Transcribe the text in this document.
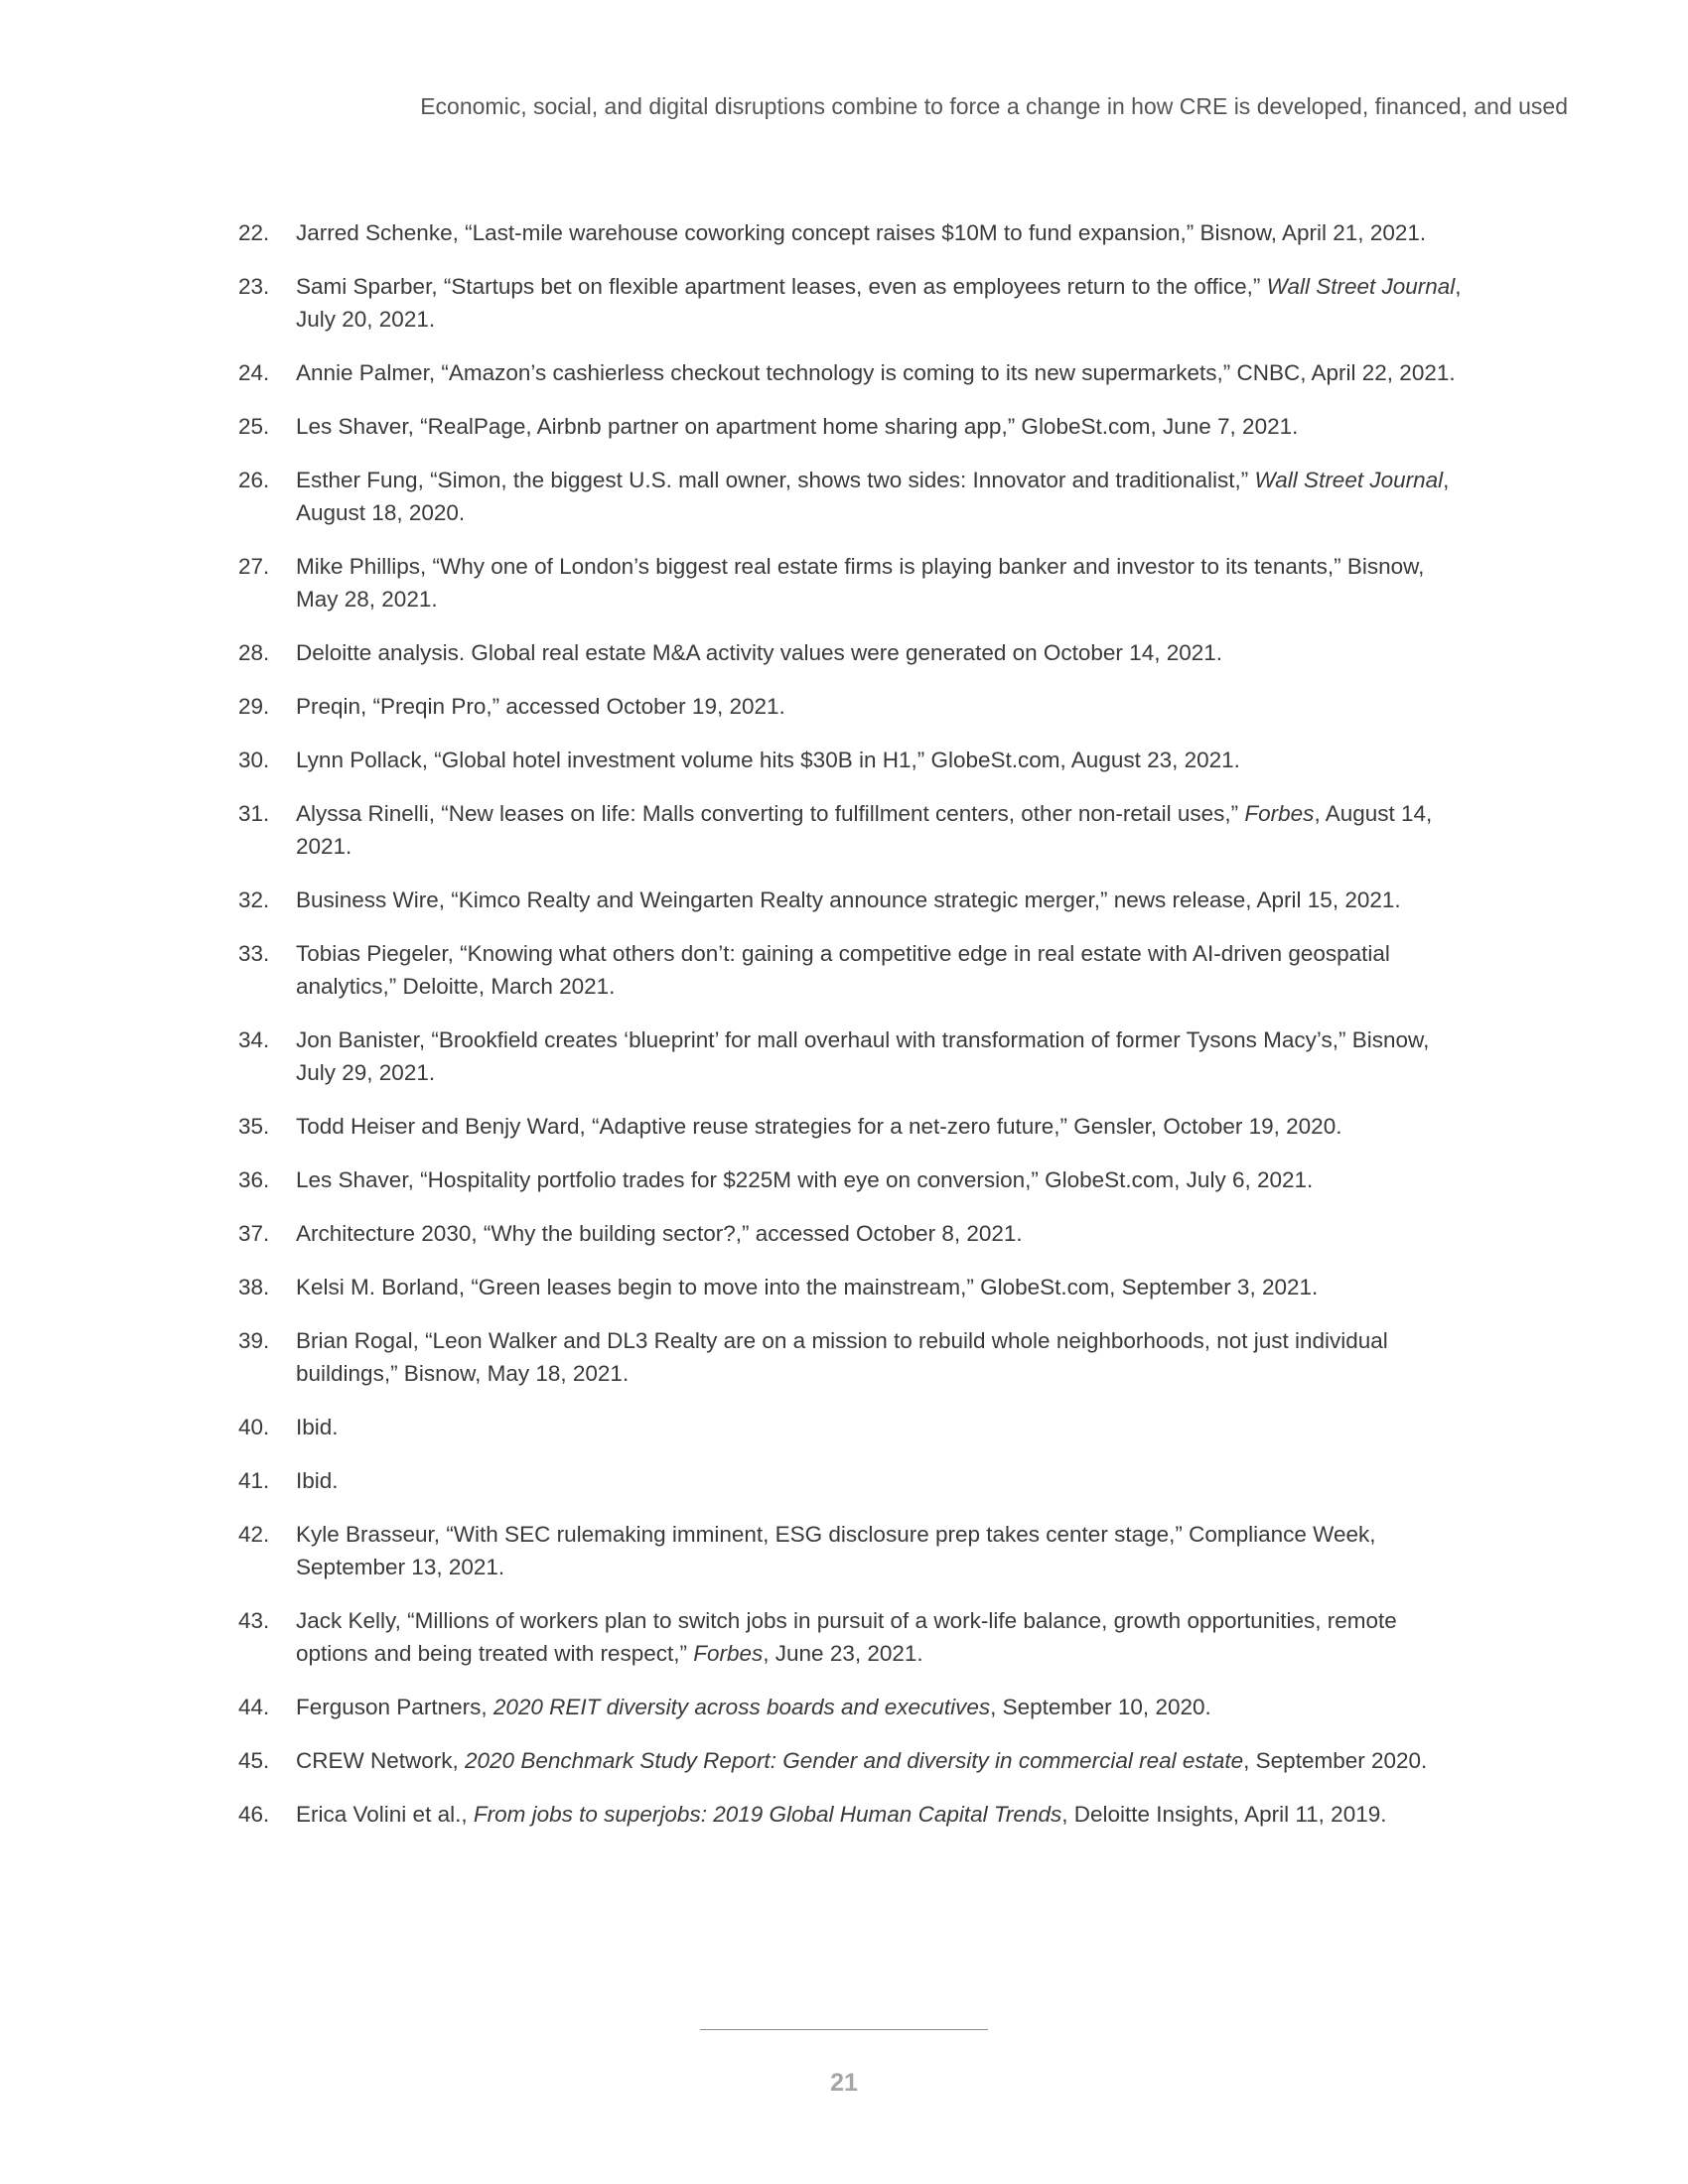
Economic, social, and digital disruptions combine to force a change in how CRE is developed, financed, and used
22.	Jarred Schenke, “Last-mile warehouse coworking concept raises $10M to fund expansion,” Bisnow, April 21, 2021.
23.	Sami Sparber, “Startups bet on flexible apartment leases, even as employees return to the office,” Wall Street Journal, July 20, 2021.
24.	Annie Palmer, “Amazon’s cashierless checkout technology is coming to its new supermarkets,” CNBC, April 22, 2021.
25.	Les Shaver, “RealPage, Airbnb partner on apartment home sharing app,” GlobeSt.com, June 7, 2021.
26.	Esther Fung, “Simon, the biggest U.S. mall owner, shows two sides: Innovator and traditionalist,” Wall Street Journal, August 18, 2020.
27.	Mike Phillips, “Why one of London’s biggest real estate firms is playing banker and investor to its tenants,” Bisnow, May 28, 2021.
28.	Deloitte analysis. Global real estate M&A activity values were generated on October 14, 2021.
29.	Preqin, “Preqin Pro,” accessed October 19, 2021.
30.	Lynn Pollack, “Global hotel investment volume hits $30B in H1,” GlobeSt.com, August 23, 2021.
31.	Alyssa Rinelli, “New leases on life: Malls converting to fulfillment centers, other non-retail uses,” Forbes, August 14, 2021.
32.	Business Wire, “Kimco Realty and Weingarten Realty announce strategic merger,” news release, April 15, 2021.
33.	Tobias Piegeler, “Knowing what others don’t: gaining a competitive edge in real estate with AI-driven geospatial analytics,” Deloitte, March 2021.
34.	Jon Banister, “Brookfield creates ‘blueprint’ for mall overhaul with transformation of former Tysons Macy’s,” Bisnow, July 29, 2021.
35.	Todd Heiser and Benjy Ward, “Adaptive reuse strategies for a net-zero future,” Gensler, October 19, 2020.
36.	Les Shaver, “Hospitality portfolio trades for $225M with eye on conversion,” GlobeSt.com, July 6, 2021.
37.	Architecture 2030, “Why the building sector?,” accessed October 8, 2021.
38.	Kelsi M. Borland, “Green leases begin to move into the mainstream,” GlobeSt.com, September 3, 2021.
39.	Brian Rogal, “Leon Walker and DL3 Realty are on a mission to rebuild whole neighborhoods, not just individual buildings,” Bisnow, May 18, 2021.
40.	Ibid.
41.	Ibid.
42.	Kyle Brasseur, “With SEC rulemaking imminent, ESG disclosure prep takes center stage,” Compliance Week, September 13, 2021.
43.	Jack Kelly, “Millions of workers plan to switch jobs in pursuit of a work-life balance, growth opportunities, remote options and being treated with respect,” Forbes, June 23, 2021.
44.	Ferguson Partners, 2020 REIT diversity across boards and executives, September 10, 2020.
45.	CREW Network, 2020 Benchmark Study Report: Gender and diversity in commercial real estate, September 2020.
46.	Erica Volini et al., From jobs to superjobs: 2019 Global Human Capital Trends, Deloitte Insights, April 11, 2019.
21
